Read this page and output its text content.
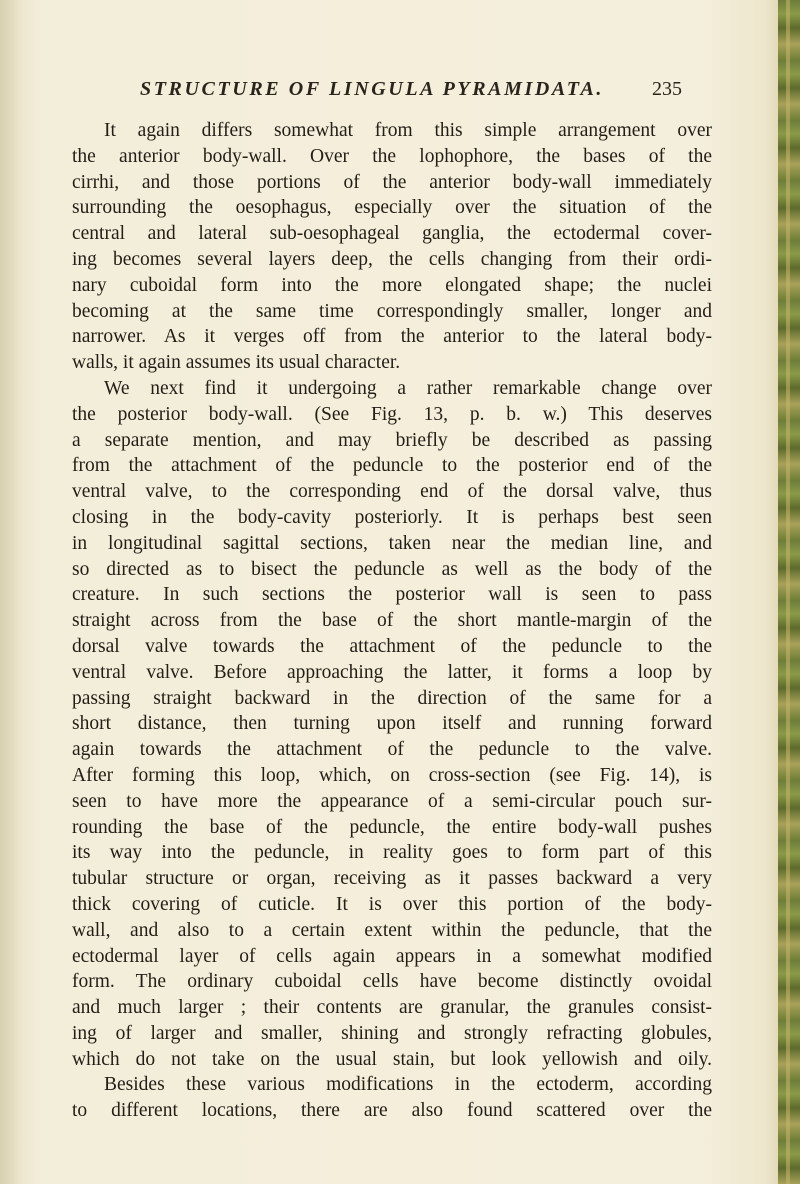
STRUCTURE OF LINGULA PYRAMIDATA. 235
It again differs somewhat from this simple arrangement over
the anterior body-wall. Over the lophophore, the bases of the
cirrhi, and those portions of the anterior body-wall immediately
surrounding the oesophagus, especially over the situation of the
central and lateral sub-oesophageal ganglia, the ectodermal cover-
ing becomes several layers deep, the cells changing from their ordi-
nary cuboidal form into the more elongated shape; the nuclei
becoming at the same time correspondingly smaller, longer and
narrower. As it verges off from the anterior to the lateral body-
walls, it again assumes its usual character.
We next find it undergoing a rather remarkable change over
the posterior body-wall. (See Fig. 13, p. b. w.) This deserves
a separate mention, and may briefly be described as passing
from the attachment of the peduncle to the posterior end of the
ventral valve, to the corresponding end of the dorsal valve, thus
closing in the body-cavity posteriorly. It is perhaps best seen
in longitudinal sagittal sections, taken near the median line, and
so directed as to bisect the peduncle as well as the body of the
creature. In such sections the posterior wall is seen to pass
straight across from the base of the short mantle-margin of the
dorsal valve towards the attachment of the peduncle to the
ventral valve. Before approaching the latter, it forms a loop by
passing straight backward in the direction of the same for a
short distance, then turning upon itself and running forward
again towards the attachment of the peduncle to the valve.
After forming this loop, which, on cross-section (see Fig. 14), is
seen to have more the appearance of a semi-circular pouch sur-
rounding the base of the peduncle, the entire body-wall pushes
its way into the peduncle, in reality goes to form part of this
tubular structure or organ, receiving as it passes backward a very
thick covering of cuticle. It is over this portion of the body-
wall, and also to a certain extent within the peduncle, that the
ectodermal layer of cells again appears in a somewhat modified
form. The ordinary cuboidal cells have become distinctly ovoidal
and much larger ; their contents are granular, the granules consist-
ing of larger and smaller, shining and strongly refracting globules,
which do not take on the usual stain, but look yellowish and oily.
Besides these various modifications in the ectoderm, according
to different locations, there are also found scattered over the
